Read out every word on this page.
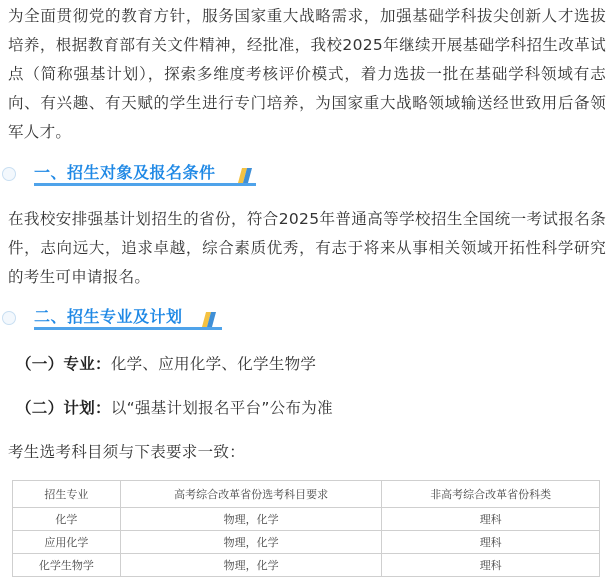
为全面贯彻党的教育方针，服务国家重大战略需求，加强基础学科拔尖创新人才选拔培养，根据教育部有关文件精神，经批准，我校2025年继续开展基础学科招生改革试点（简称强基计划），探索多维度考核评价模式，着力选拔一批在基础学科领域有志向、有兴趣、有天赋的学生进行专门培养，为国家重大战略领域输送经世致用后备领军人才。

一、招生对象及报名条件

在我校安排强基计划招生的省份，符合2025年普通高等学校招生全国统一考试报名条件，志向远大，追求卓越，综合素质优秀，有志于将来从事相关领域开拓性科学研究的考生可申请报名。

二、招生专业及计划
（一）专业：化学、应用化学、化学生物学
（二）计划：以“强基计划报名平台”公布为准
考生选考科目须与下表要求一致：
招生专业	高考综合改革省份选考科目要求	非高考综合改革省份科类
化学	物理，化学	理科
应用化学	物理，化学	理科
化学生物学	物理，化学	理科
